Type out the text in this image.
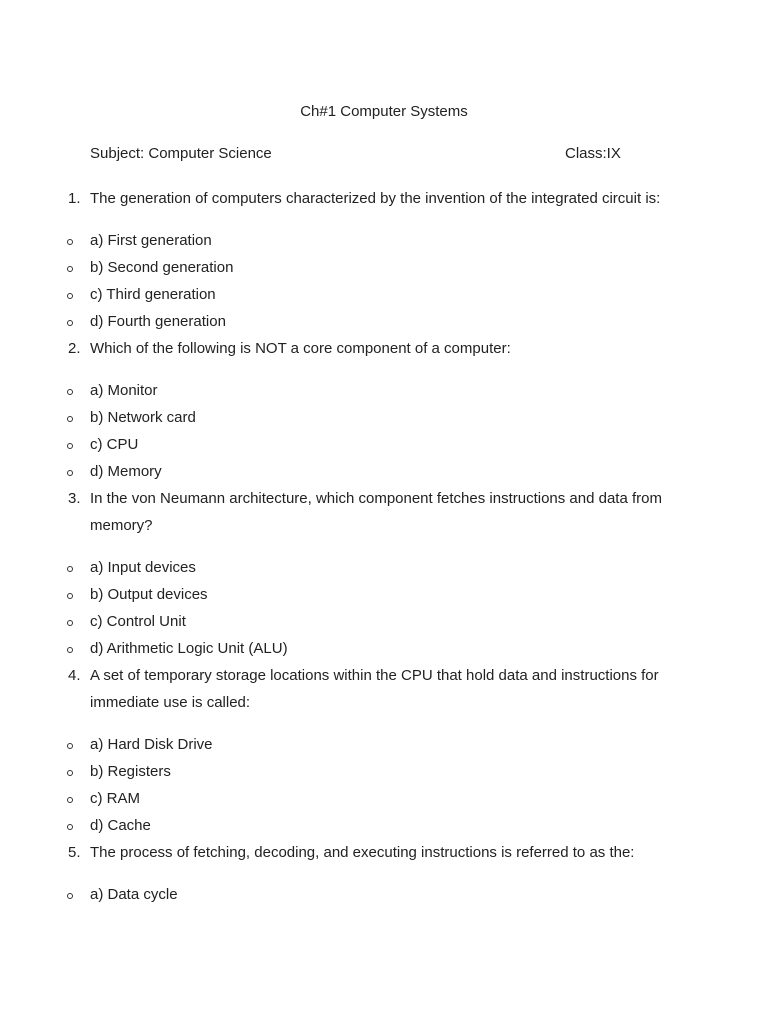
Ch#1 Computer Systems
Subject: Computer Science	Class:IX
1. The generation of computers characterized by the invention of the integrated circuit is:
a) First generation
b) Second generation
c) Third generation
d) Fourth generation
2. Which of the following is NOT a core component of a computer:
a) Monitor
b) Network card
c) CPU
d) Memory
3. In the von Neumann architecture, which component fetches instructions and data from memory?
a) Input devices
b) Output devices
c) Control Unit
d) Arithmetic Logic Unit (ALU)
4. A set of temporary storage locations within the CPU that hold data and instructions for immediate use is called:
a) Hard Disk Drive
b) Registers
c) RAM
d) Cache
5. The process of fetching, decoding, and executing instructions is referred to as the:
a) Data cycle
